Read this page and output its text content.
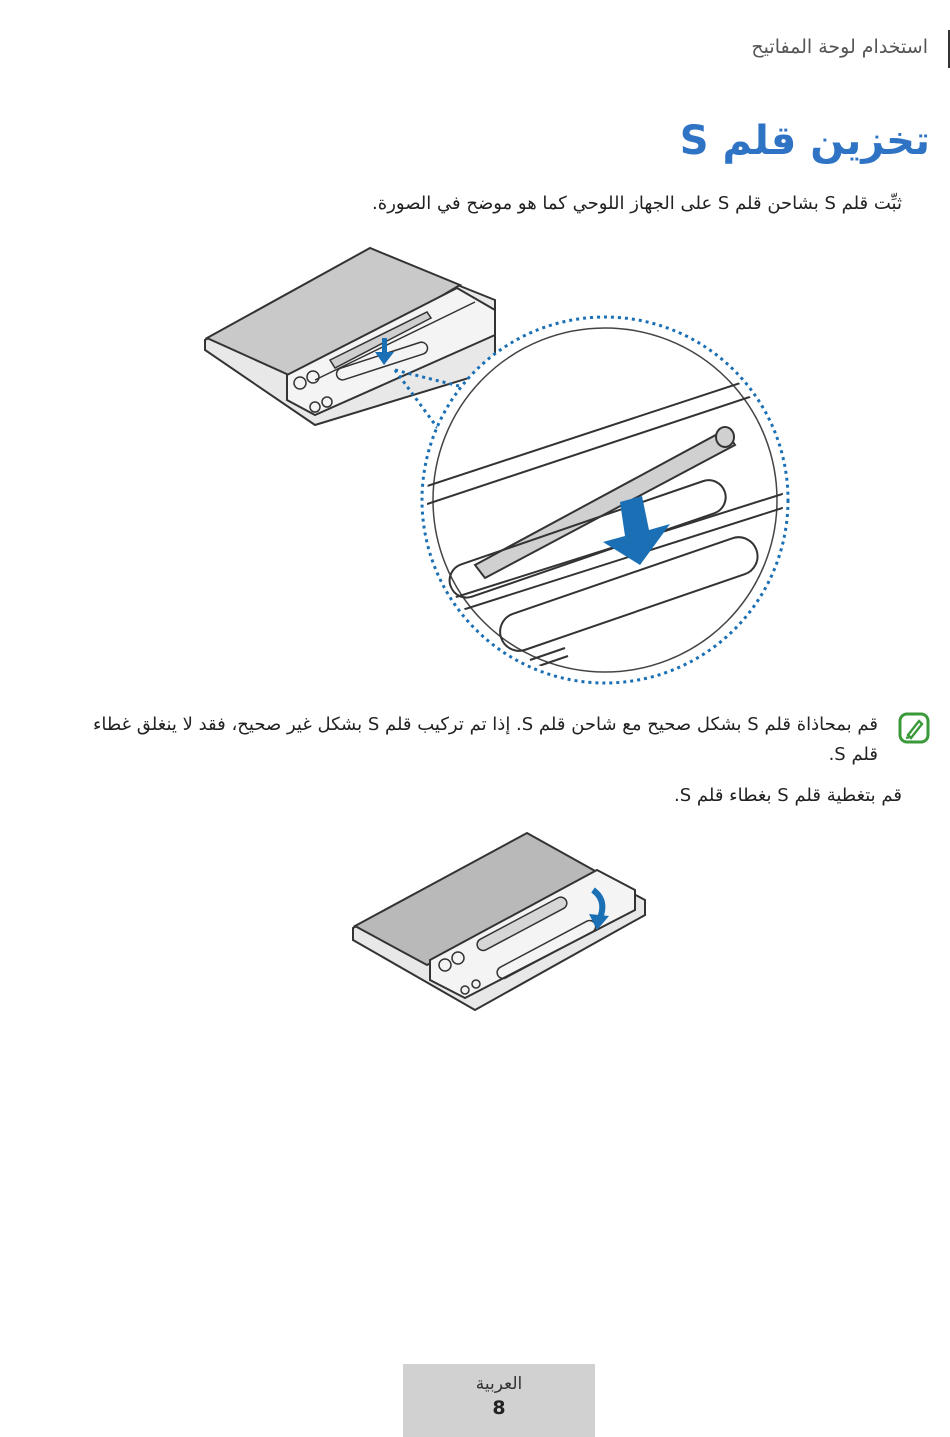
استخدام لوحة المفاتيح
تخزين قلم S
ثبِّت قلم S بشاحن قلم S على الجهاز اللوحي كما هو موضح في الصورة.
قم بمحاذاة قلم S بشكل صحيح مع شاحن قلم S. إذا تم تركيب قلم S بشكل غير صحيح، فقد لا ينغلق غطاء قلم S.
قم بتغطية قلم S بغطاء قلم S.
العربية
8
